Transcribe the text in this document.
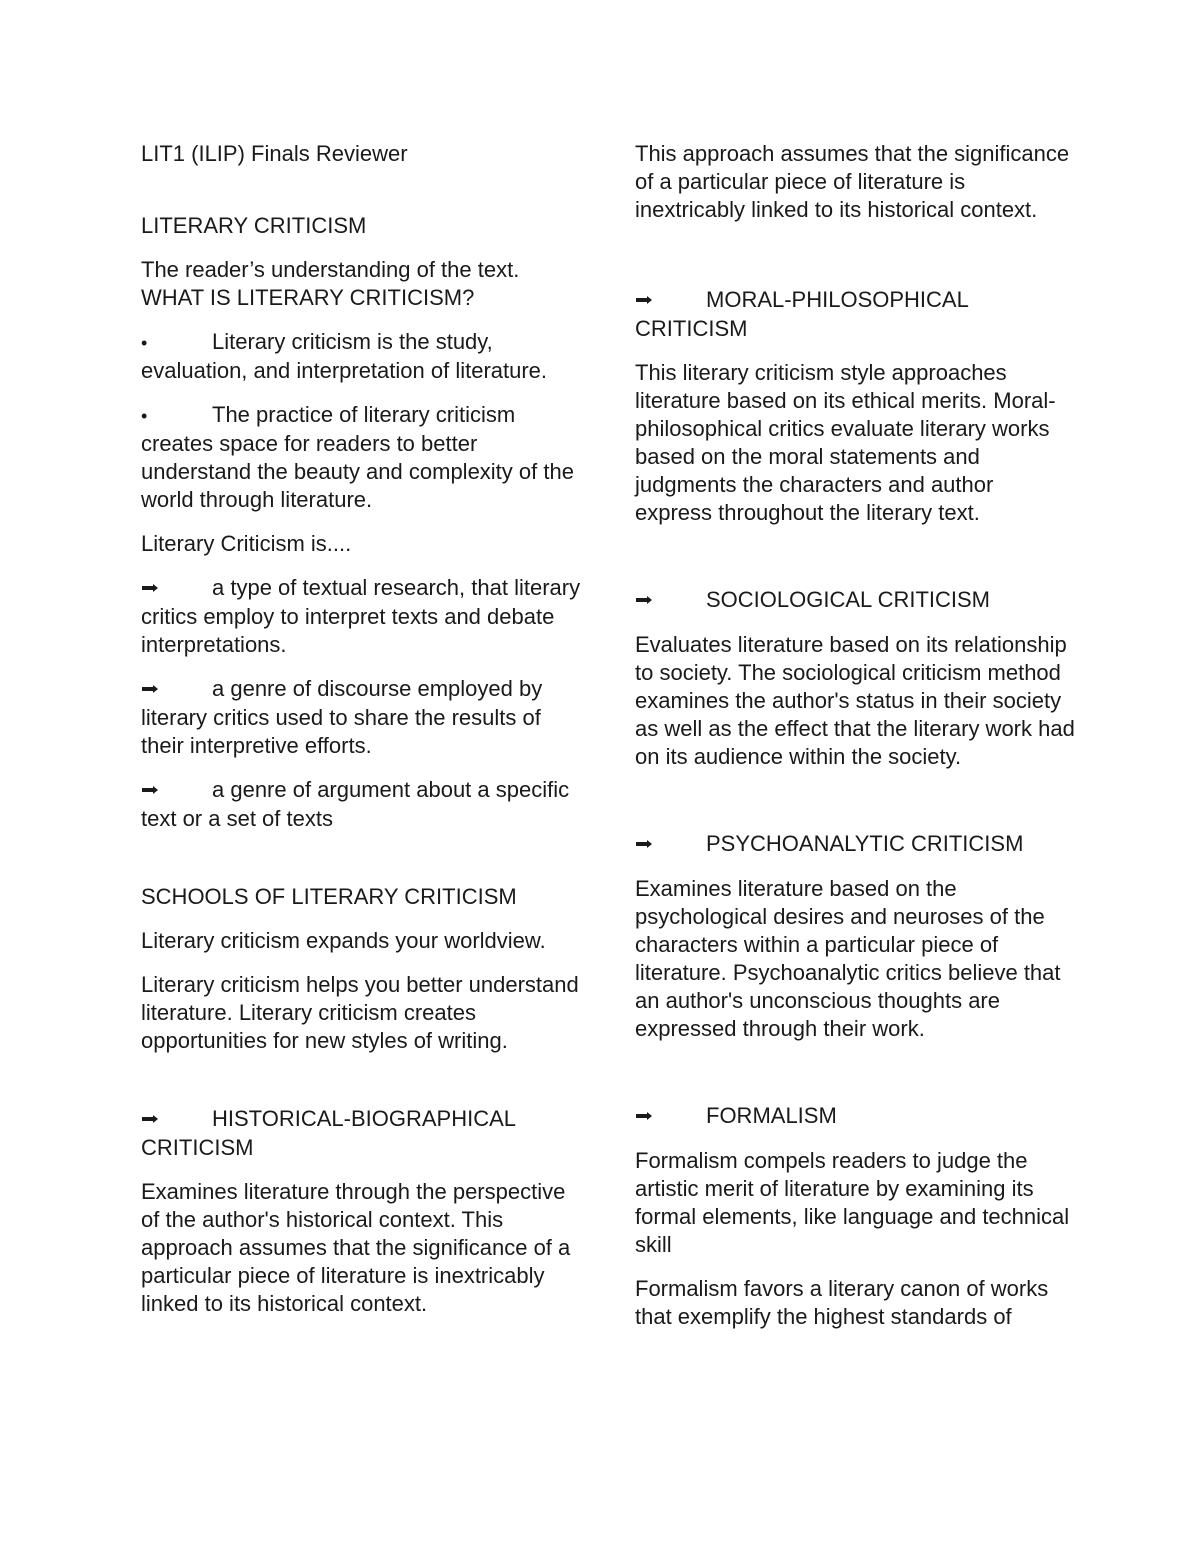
LIT1 (ILIP) Finals Reviewer

LITERARY CRITICISM

The reader’s understanding of the text.

WHAT IS LITERARY CRITICISM?

•	Literary criticism is the study, evaluation, and interpretation of literature.

•	The practice of literary criticism creates space for readers to better understand the beauty and complexity of the world through literature.

Literary Criticism is....

a type of textual research, that literary critics employ to interpret texts and debate interpretations.

a genre of discourse employed by literary critics used to share the results of their interpretive efforts.

a genre of argument about a specific text or a set of texts

SCHOOLS OF LITERARY CRITICISM

Literary criticism expands your worldview.

Literary criticism helps you better understand literature. Literary criticism creates opportunities for new styles of writing.

HISTORICAL-BIOGRAPHICAL CRITICISM

Examines literature through the perspective of the author's historical context. This approach assumes that the significance of a particular piece of literature is inextricably linked to its historical context.

This approach assumes that the significance of a particular piece of literature is inextricably linked to its historical context.

MORAL-PHILOSOPHICAL CRITICISM

This literary criticism style approaches literature based on its ethical merits. Moral-philosophical critics evaluate literary works based on the moral statements and judgments the characters and author express throughout the literary text.

SOCIOLOGICAL CRITICISM

Evaluates literature based on its relationship to society. The sociological criticism method examines the author's status in their society as well as the effect that the literary work had on its audience within the society.

PSYCHOANALYTIC CRITICISM

Examines literature based on the psychological desires and neuroses of the characters within a particular piece of literature. Psychoanalytic critics believe that an author's unconscious thoughts are expressed through their work.

FORMALISM

Formalism compels readers to judge the artistic merit of literature by examining its formal elements, like language and technical skill

Formalism favors a literary canon of works that exemplify the highest standards of
